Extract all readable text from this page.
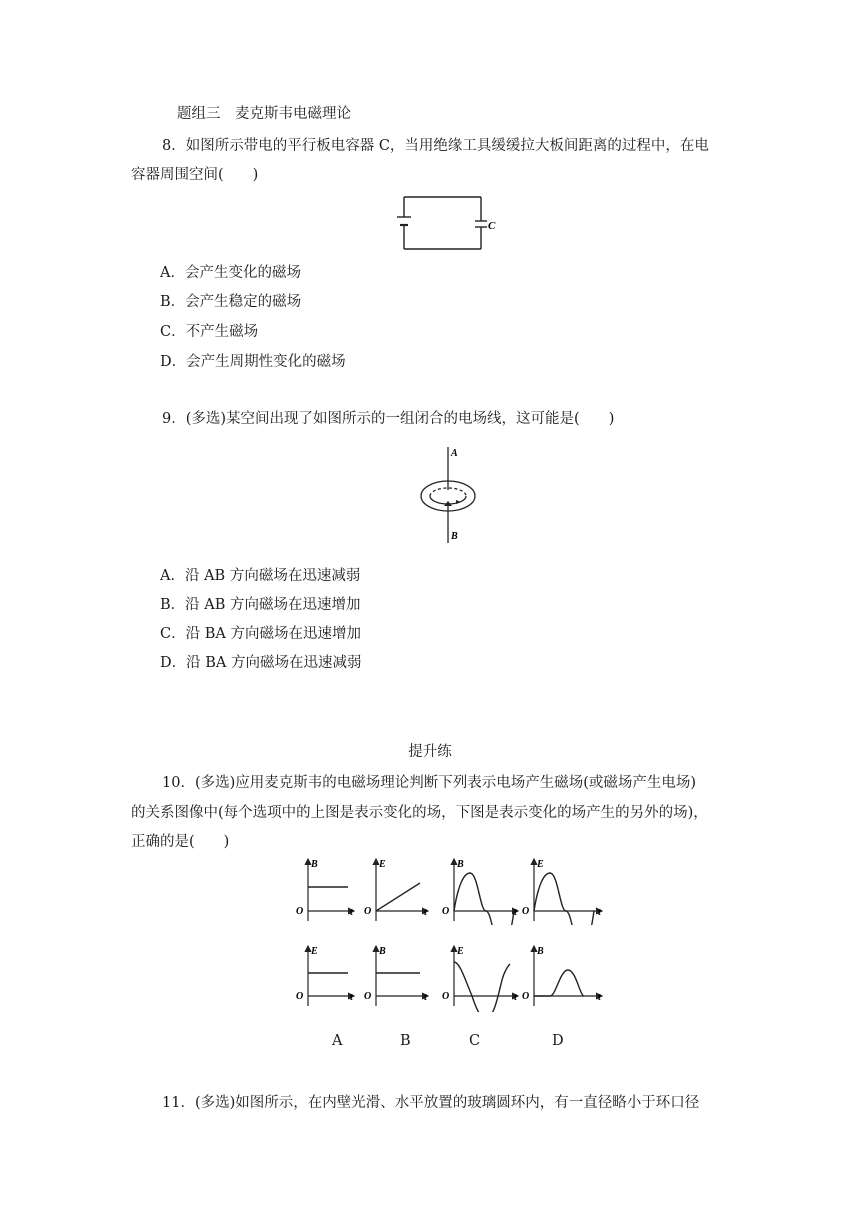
题组三　麦克斯韦电磁理论
8．如图所示带电的平行板电容器 C，当用绝缘工具缓缓拉大板间距离的过程中，在电
容器周围空间(　　)
C
A．会产生变化的磁场
B．会产生稳定的磁场
C．不产生磁场
D．会产生周期性变化的磁场
9．(多选)某空间出现了如图所示的一组闭合的电场线，这可能是(　　)
A
B
A．沿 AB 方向磁场在迅速减弱
B．沿 AB 方向磁场在迅速增加
C．沿 BA 方向磁场在迅速增加
D．沿 BA 方向磁场在迅速减弱
提升练
10．(多选)应用麦克斯韦的电磁场理论判断下列表示电场产生磁场(或磁场产生电场)
的关系图像中(每个选项中的上图是表示变化的场，下图是表示变化的场产生的另外的场)，
正确的是(　　)
B
O	t
E
O	t
B
O	t
E
O	t
E
O	t
B
O	t
E
O	t
B
O	t
A	B	C	D
11．(多选)如图所示，在内壁光滑、水平放置的玻璃圆环内，有一直径略小于环口径
